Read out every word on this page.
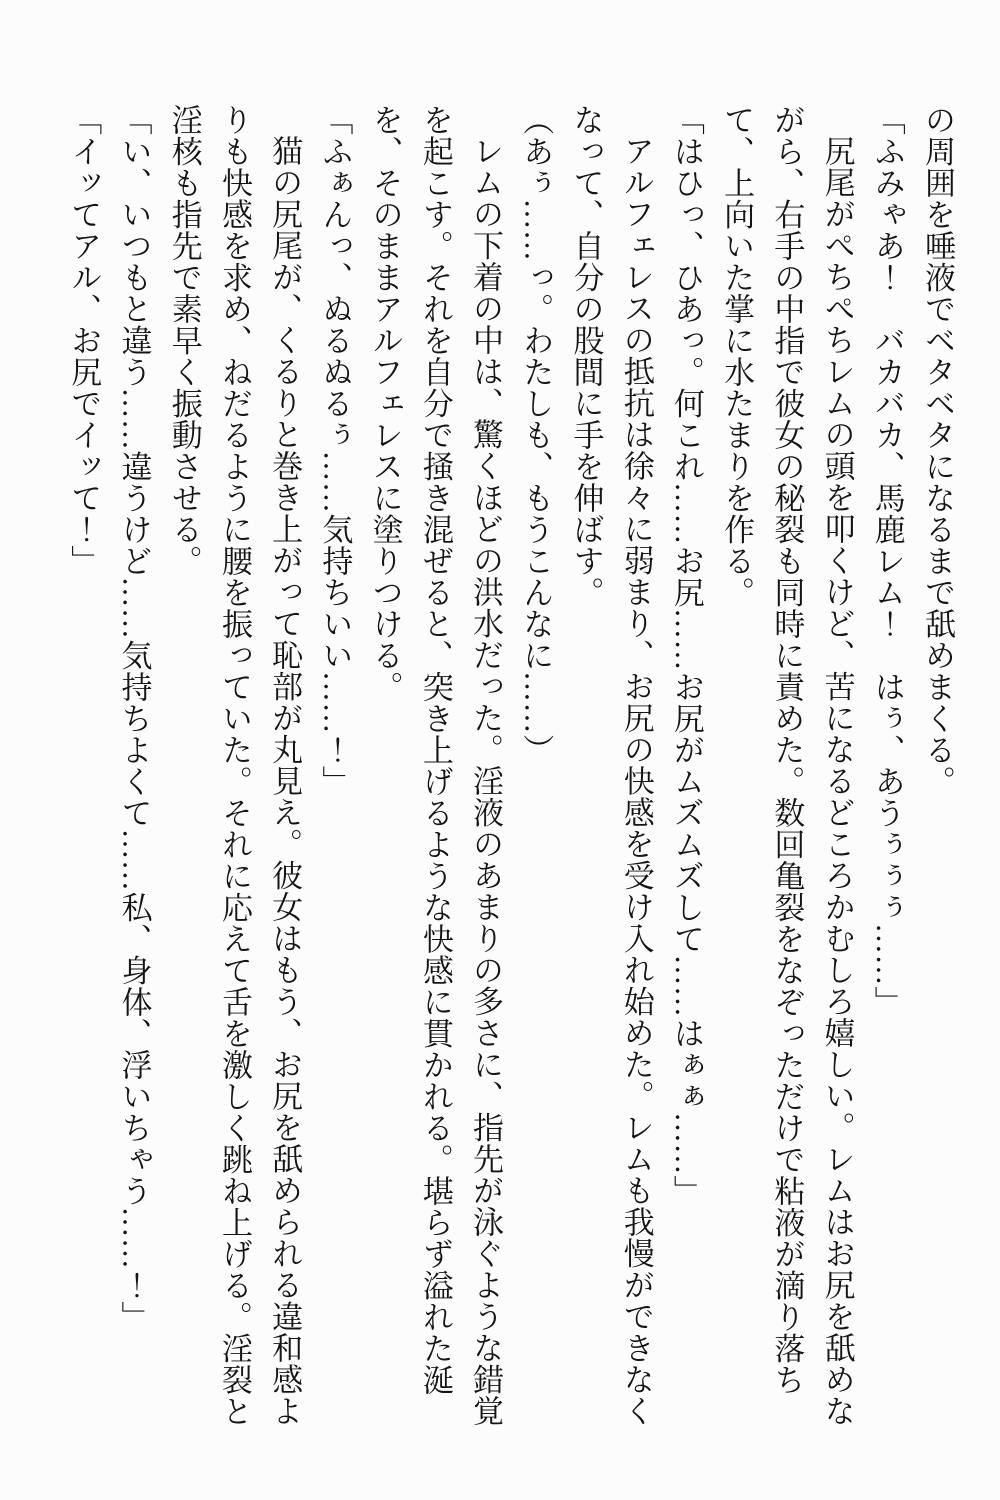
の周囲を唾液でベタベタになるまで舐めまくる。

「ふみゃあ！　バカバカ、馬鹿レム！　はぅ、あうぅぅぅ……」

尻尾がぺちぺちレムの頭を叩くけど、苦になるどころかむしろ嬉しい。レムはお尻を舐めながら、右手の中指で彼女の秘裂も同時に責めた。数回亀裂をなぞっただけで粘液が滴り落ちて、上向いた掌に水たまりを作る。

「はひっ、ひあっ。何これ……お尻……お尻がムズムズして……はぁぁ……」

アルフェレスの抵抗は徐々に弱まり、お尻の快感を受け入れ始めた。レムも我慢ができなくなって、自分の股間に手を伸ばす。

（あぅ……っ。わたしも、もうこんなに……）

レムの下着の中は、驚くほどの洪水だった。淫液のあまりの多さに、指先が泳ぐような錯覚を起こす。それを自分で掻き混ぜると、突き上げるような快感に貫かれる。堪らず溢れた涎を、そのままアルフェレスに塗りつける。

「ふぁんっ、ぬるぬるぅ……気持ちいい……！」

猫の尻尾が、くるりと巻き上がって恥部が丸見え。彼女はもう、お尻を舐められる違和感よりも快感を求め、ねだるように腰を振っていた。それに応えて舌を激しく跳ね上げる。淫裂と淫核も指先で素早く振動させる。

「い、いつもと違う……違うけど……気持ちよくて……私、身体、浮いちゃう……！」

「イッてアル、お尻でイッて！」
